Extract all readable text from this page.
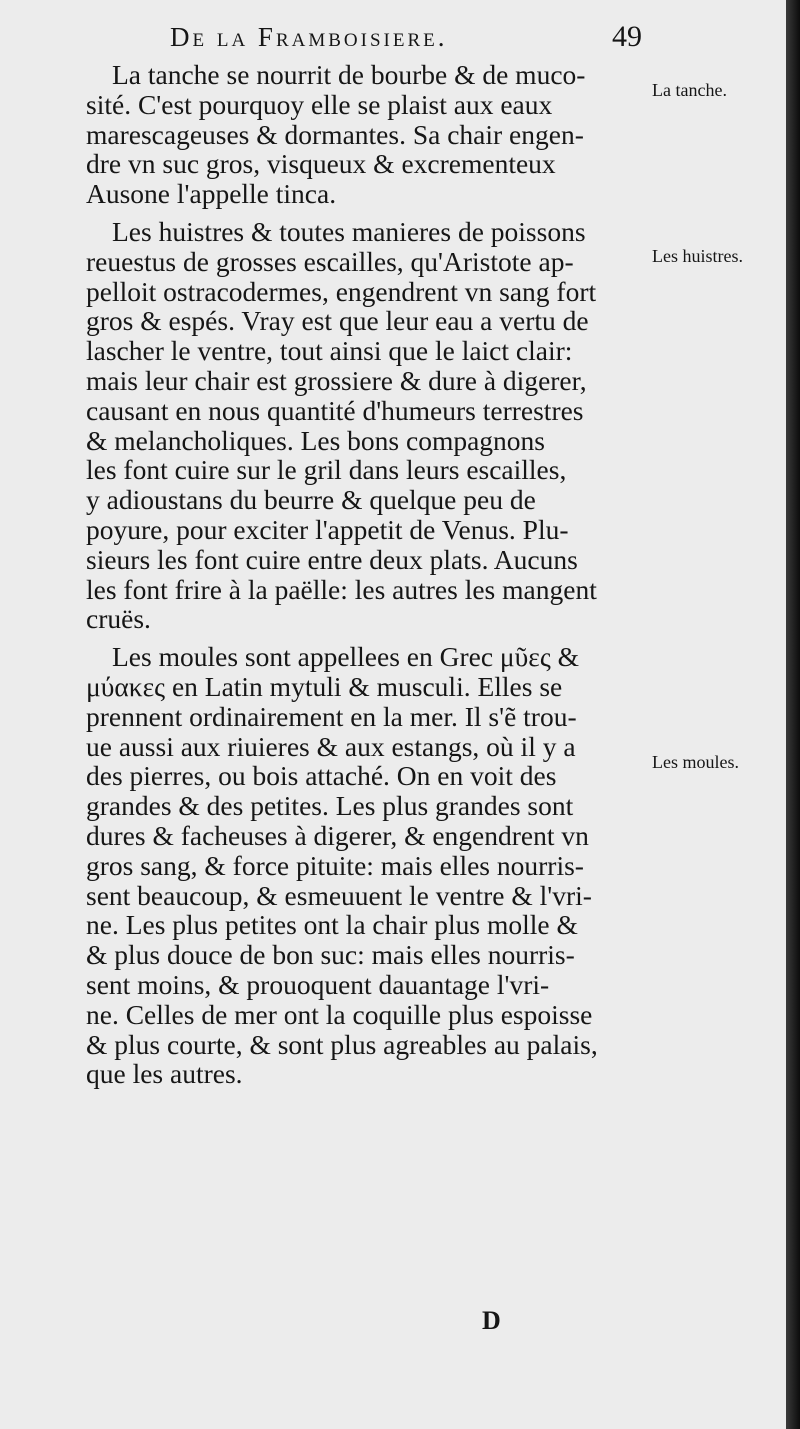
De la Framboisiere.	49
La tanche.
Les huistres.
Les moules.
La tanche se nourrit de bourbe & de muco-
sité. C'est pourquoy elle se plaist aux eaux
marescageuses & dormantes. Sa chair engen-
dre vn suc gros, visqueux & excrementeux
Ausone l'appelle tinca.
Les huistres & toutes manieres de poissons
reuestus de grosses escailles, qu'Aristote ap-
pelloit ostracodermes, engendrent vn sang fort
gros & espés. Vray est que leur eau a vertu de
lascher le ventre, tout ainsi que le laict clair:
mais leur chair est grossiere & dure à digerer,
causant en nous quantité d'humeurs terrestres
& melancholiques. Les bons compagnons
les font cuire sur le gril dans leurs escailles,
y adioustans du beurre & quelque peu de
poyure, pour exciter l'appetit de Venus. Plu-
sieurs les font cuire entre deux plats. Aucuns
les font frire à la paëlle: les autres les mangent
cruës.
Les moules sont appellees en Grec μῦες &
μύακες en Latin mytuli & musculi. Elles se
prennent ordinairement en la mer. Il s'ẽ trou-
ue aussi aux riuieres & aux estangs, où il y a
des pierres, ou bois attaché. On en voit des
grandes & des petites. Les plus grandes sont
dures & facheuses à digerer, & engendrent vn
gros sang, & force pituite: mais elles nourris-
sent beaucoup, & esmeuuent le ventre & l'vri-
ne. Les plus petites ont la chair plus molle &
& plus douce de bon suc: mais elles nourris-
sent moins, & prouoquent dauantage l'vri-
ne. Celles de mer ont la coquille plus espoisse
& plus courte, & sont plus agreables au palais,
que les autres.
D
